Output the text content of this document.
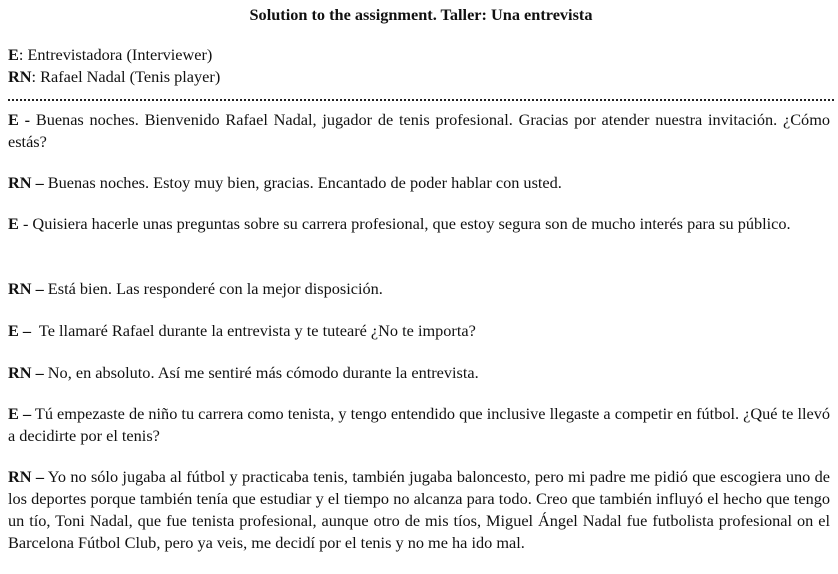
Solution to the assignment. Taller: Una entrevista
E: Entrevistadora (Interviewer)
RN: Rafael Nadal (Tenis player)
E - Buenas noches. Bienvenido Rafael Nadal, jugador de tenis profesional. Gracias por atender nuestra invitación. ¿Cómo estás?
RN – Buenas noches. Estoy muy bien, gracias. Encantado de poder hablar con usted.
E - Quisiera hacerle unas preguntas sobre su carrera profesional, que estoy segura son de mucho interés para su público.
RN – Está bien. Las responderé con la mejor disposición.
E –  Te llamaré Rafael durante la entrevista y te tutearé ¿No te importa?
RN – No, en absoluto. Así me sentiré más cómodo durante la entrevista.
E – Tú empezaste de niño tu carrera como tenista, y tengo entendido que inclusive llegaste a competir en fútbol. ¿Qué te llevó a decidirte por el tenis?
RN – Yo no sólo jugaba al fútbol y practicaba tenis, también jugaba baloncesto, pero mi padre me pidió que escogiera uno de los deportes porque también tenía que estudiar y el tiempo no alcanza para todo. Creo que también influyó el hecho que tengo un tío, Toni Nadal, que fue tenista profesional, aunque otro de mis tíos, Miguel Ángel Nadal fue futbolista profesional on el Barcelona Fútbol Club, pero ya veis, me decidí por el tenis y no me ha ido mal.
